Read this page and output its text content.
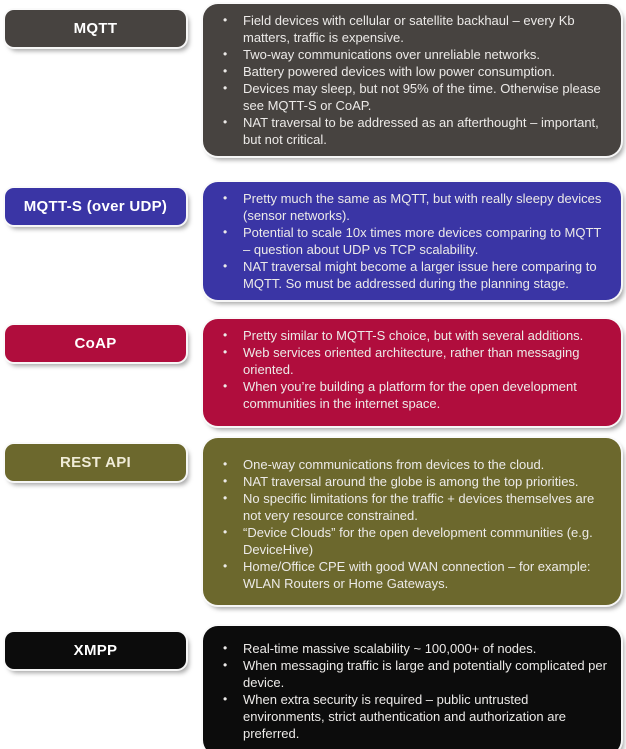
MQTT	• Field devices with cellular or satellite backhaul – every Kb matters, traffic is expensive.
• Two-way communications over unreliable networks.
• Battery powered devices with low power consumption.
• Devices may sleep, but not 95% of the time. Otherwise please see MQTT-S or CoAP.
• NAT traversal to be addressed as an afterthought – important, but not critical.
MQTT-S (over UDP)	• Pretty much the same as MQTT, but with really sleepy devices (sensor networks).
• Potential to scale 10x times more devices comparing to MQTT – question about UDP vs TCP scalability.
• NAT traversal might become a larger issue here comparing to MQTT. So must be addressed during the planning stage.
CoAP	• Pretty similar to MQTT-S choice, but with several additions.
• Web services oriented architecture, rather than messaging oriented.
• When you’re building a platform for the open development communities in the internet space.
REST API	• One-way communications from devices to the cloud.
• NAT traversal around the globe is among the top priorities.
• No specific limitations for the traffic + devices themselves are not very resource constrained.
• “Device Clouds” for the open development communities (e.g. DeviceHive)
• Home/Office CPE with good WAN connection – for example: WLAN Routers or Home Gateways.
XMPP	• Real-time massive scalability ~ 100,000+ of nodes.
• When messaging traffic is large and potentially complicated per device.
• When extra security is required – public untrusted environments, strict authentication and authorization are preferred.
